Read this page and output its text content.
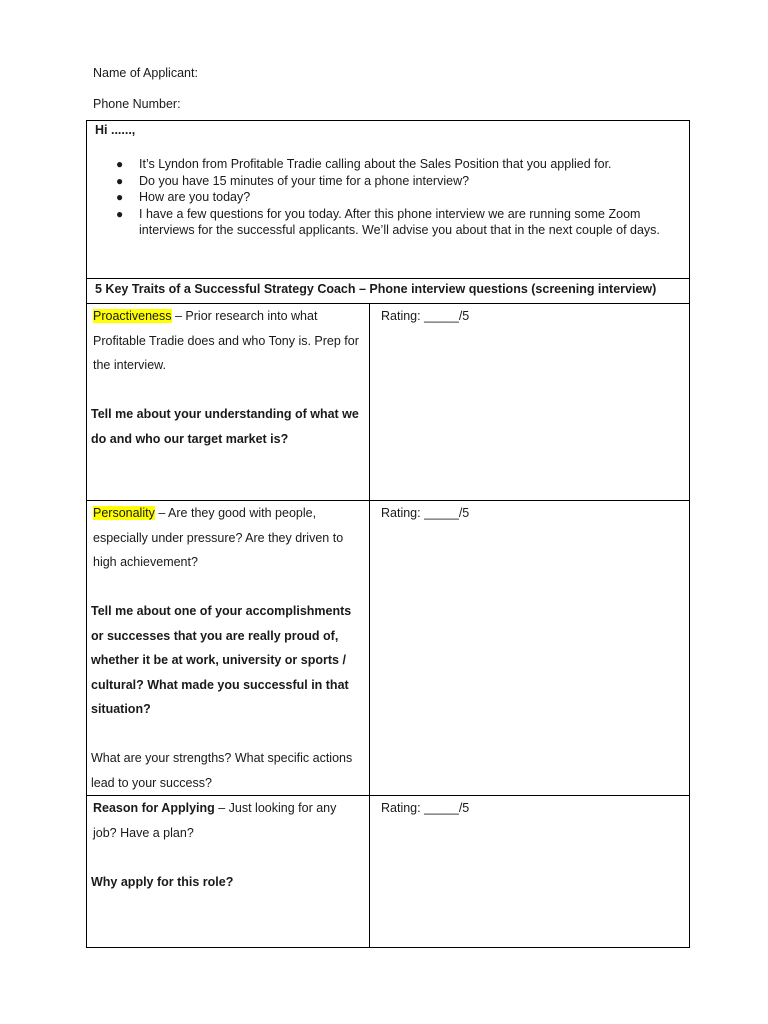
Name of Applicant:
Phone Number:
Hi ......,
● It’s Lyndon from Profitable Tradie calling about the Sales Position that you applied for.
● Do you have 15 minutes of your time for a phone interview?
● How are you today?
● I have a few questions for you today. After this phone interview we are running some Zoom interviews for the successful applicants. We’ll advise you about that in the next couple of days.
5 Key Traits of a Successful Strategy Coach – Phone interview questions (screening interview)
Proactiveness – Prior research into what Profitable Tradie does and who Tony is. Prep for the interview.
Tell me about your understanding of what we do and who our target market is?
Rating: _____/5
Personality – Are they good with people, especially under pressure? Are they driven to high achievement?
Tell me about one of your accomplishments or successes that you are really proud of, whether it be at work, university or sports / cultural? What made you successful in that situation?
What are your strengths? What specific actions lead to your success?
Rating: _____/5
Reason for Applying – Just looking for any job? Have a plan?
Why apply for this role?
Rating: _____/5
